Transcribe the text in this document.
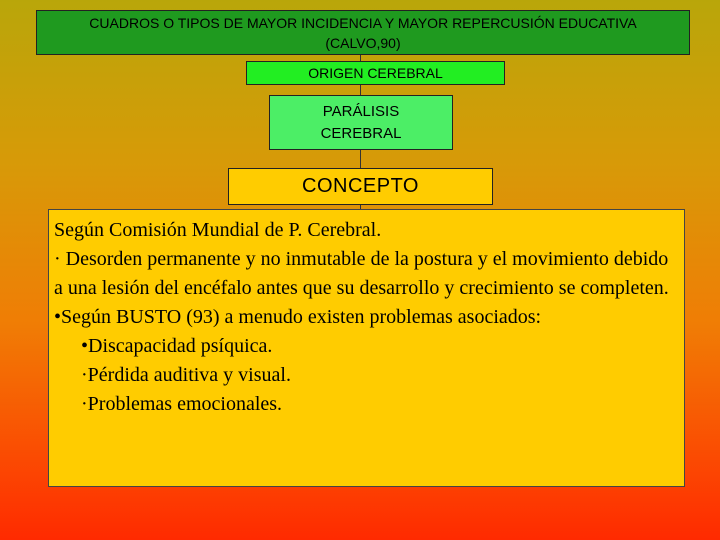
CUADROS O TIPOS DE MAYOR INCIDENCIA Y MAYOR REPERCUSIÓN EDUCATIVA
(CALVO,90)
ORIGEN CEREBRAL
PARÁLISIS
CEREBRAL
CONCEPTO

Según Comisión Mundial de P. Cerebral.

· Desorden permanente y no inmutable de la postura y el movimiento debido a una lesión del encéfalo antes que su desarrollo y crecimiento se completen.

•Según BUSTO (93) a menudo existen problemas asociados:

•Discapacidad psíquica.

·Pérdida auditiva y visual.

·Problemas emocionales.
